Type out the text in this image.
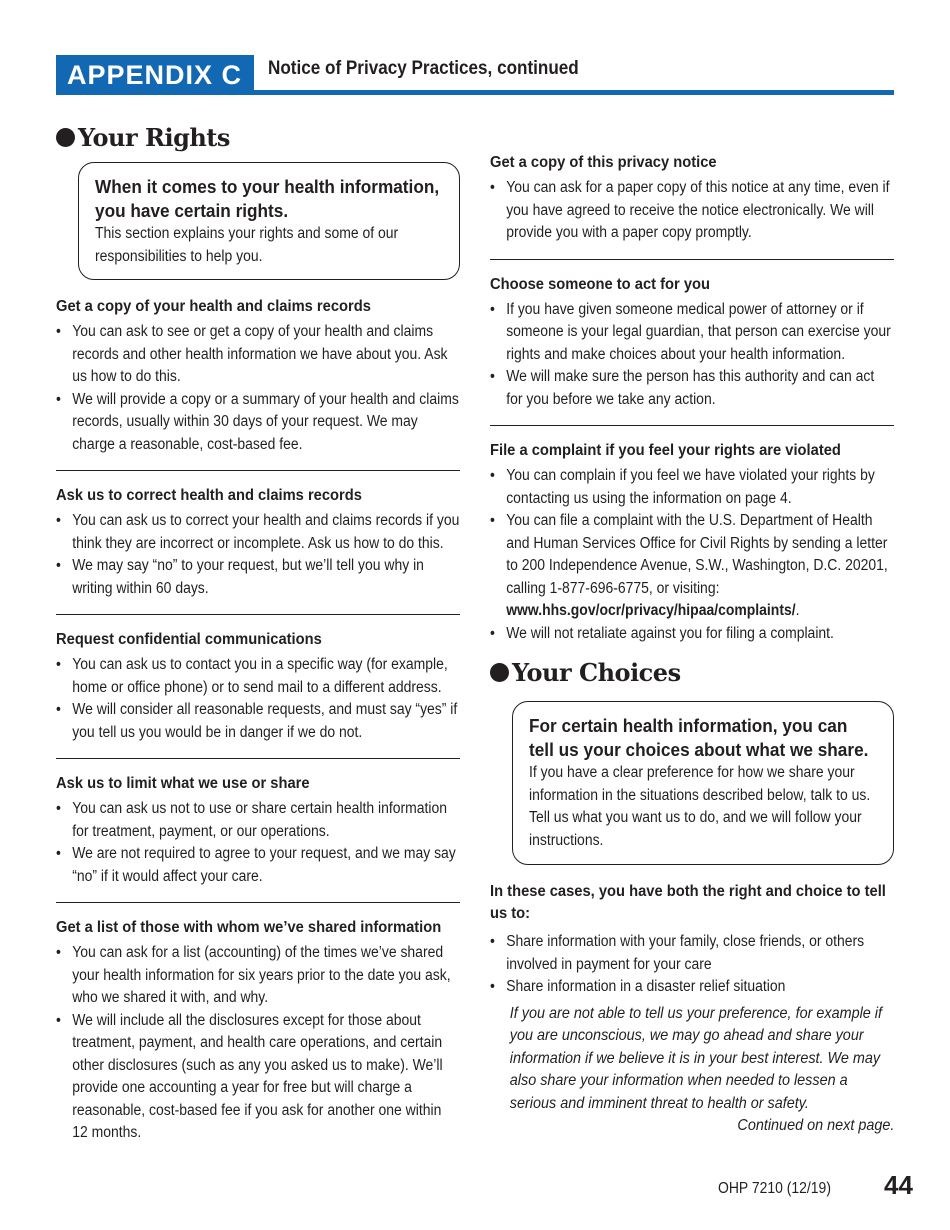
APPENDIX C	Notice of Privacy Practices, continued
Your Rights
When it comes to your health information, you have certain rights.
This section explains your rights and some of our responsibilities to help you.
Get a copy of your health and claims records
• You can ask to see or get a copy of your health and claims records and other health information we have about you. Ask us how to do this.
• We will provide a copy or a summary of your health and claims records, usually within 30 days of your request. We may charge a reasonable, cost-based fee.
Ask us to correct health and claims records
• You can ask us to correct your health and claims records if you think they are incorrect or incomplete. Ask us how to do this.
• We may say “no” to your request, but we’ll tell you why in writing within 60 days.
Request confidential communications
• You can ask us to contact you in a specific way (for example, home or office phone) or to send mail to a different address.
• We will consider all reasonable requests, and must say “yes” if you tell us you would be in danger if we do not.
Ask us to limit what we use or share
• You can ask us not to use or share certain health information for treatment, payment, or our operations.
• We are not required to agree to your request, and we may say “no” if it would affect your care.
Get a list of those with whom we’ve shared information
• You can ask for a list (accounting) of the times we’ve shared your health information for six years prior to the date you ask, who we shared it with, and why.
• We will include all the disclosures except for those about treatment, payment, and health care operations, and certain other disclosures (such as any you asked us to make). We’ll provide one accounting a year for free but will charge a reasonable, cost-based fee if you ask for another one within 12 months.
Get a copy of this privacy notice
• You can ask for a paper copy of this notice at any time, even if you have agreed to receive the notice electronically. We will provide you with a paper copy promptly.
Choose someone to act for you
• If you have given someone medical power of attorney or if someone is your legal guardian, that person can exercise your rights and make choices about your health information.
• We will make sure the person has this authority and can act for you before we take any action.
File a complaint if you feel your rights are violated
• You can complain if you feel we have violated your rights by contacting us using the information on page 4.
• You can file a complaint with the U.S. Department of Health and Human Services Office for Civil Rights by sending a letter to 200 Independence Avenue, S.W., Washington, D.C. 20201, calling 1-877-696-6775, or visiting: www.hhs.gov/ocr/privacy/hipaa/complaints/.
• We will not retaliate against you for filing a complaint.
Your Choices
For certain health information, you can tell us your choices about what we share.
If you have a clear preference for how we share your information in the situations described below, talk to us. Tell us what you want us to do, and we will follow your instructions.
In these cases, you have both the right and choice to tell us to:
• Share information with your family, close friends, or others involved in payment for your care
• Share information in a disaster relief situation
If you are not able to tell us your preference, for example if you are unconscious, we may go ahead and share your information if we believe it is in your best interest. We may also share your information when needed to lessen a serious and imminent threat to health or safety.
Continued on next page.
OHP 7210 (12/19) 44
